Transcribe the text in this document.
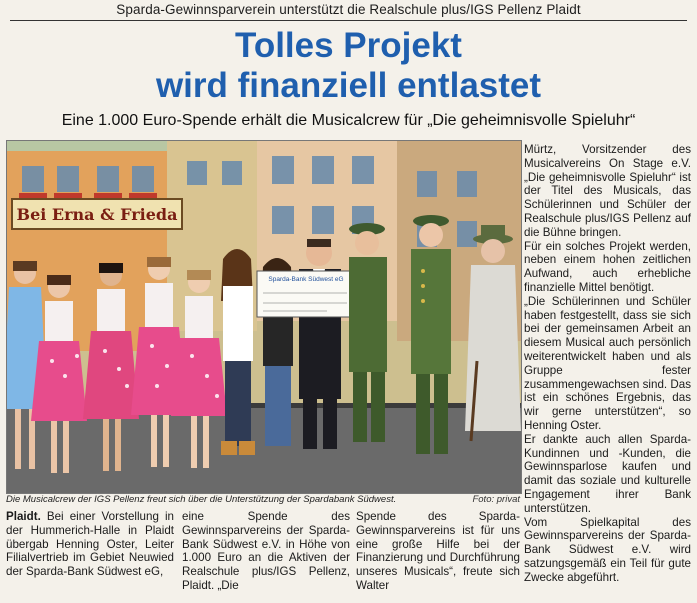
Sparda-Gewinnsparverein unterstützt die Realschule plus/IGS Pellenz Plaidt
Tolles Projekt
wird finanziell entlastet
Eine 1.000 Euro-Spende erhält die Musicalcrew für „Die geheimnisvolle Spieluhr“
Bei Erna & Frieda
Sparda-Bank Südwest eG
Die Musicalcrew der IGS Pellenz freut sich über die Unterstützung der Spardabank Südwest.	Foto: privat

Mürtz, Vorsitzender des Musicalvereins On Stage e.V. „Die geheimnisvolle Spieluhr“ ist der Titel des Musicals, das Schülerinnen und Schüler der Realschule plus/IGS Pellenz auf die Bühne bringen.

Für ein solches Projekt werden, neben einem hohen zeitlichen Aufwand, auch erhebliche finanzielle Mittel benötigt.

„Die Schülerinnen und Schüler haben festgestellt, dass sie sich bei der gemeinsamen Arbeit an diesem Musical auch persönlich weiterentwickelt haben und als Gruppe fester zusammengewachsen sind. Das ist ein schönes Ergebnis, das wir gerne unterstützen“, so Henning Oster.

Er dankte auch allen Sparda-Kundinnen und -Kunden, die Gewinnsparlose kaufen und damit das soziale und kulturelle Engagement ihrer Bank unterstützen.

Vom Spielkapital des Gewinnsparvereins der Sparda-Bank Südwest e.V. wird satzungsgemäß ein Teil für gute Zwecke abgeführt.

Plaidt. Bei einer Vorstellung in der Hummerich-Halle in Plaidt übergab Henning Oster, Leiter Filialvertrieb im Gebiet Neuwied der Sparda-Bank Südwest eG,
eine Spende des Gewinnsparvereins der Sparda-Bank Südwest e.V. in Höhe von 1.000 Euro an die Aktiven der Realschule plus/IGS Pellenz, Plaidt. „Die
Spende des Sparda-Gewinnsparvereins ist für uns eine große Hilfe bei der Finanzierung und Durchführung unseres Musicals“, freute sich Walter
